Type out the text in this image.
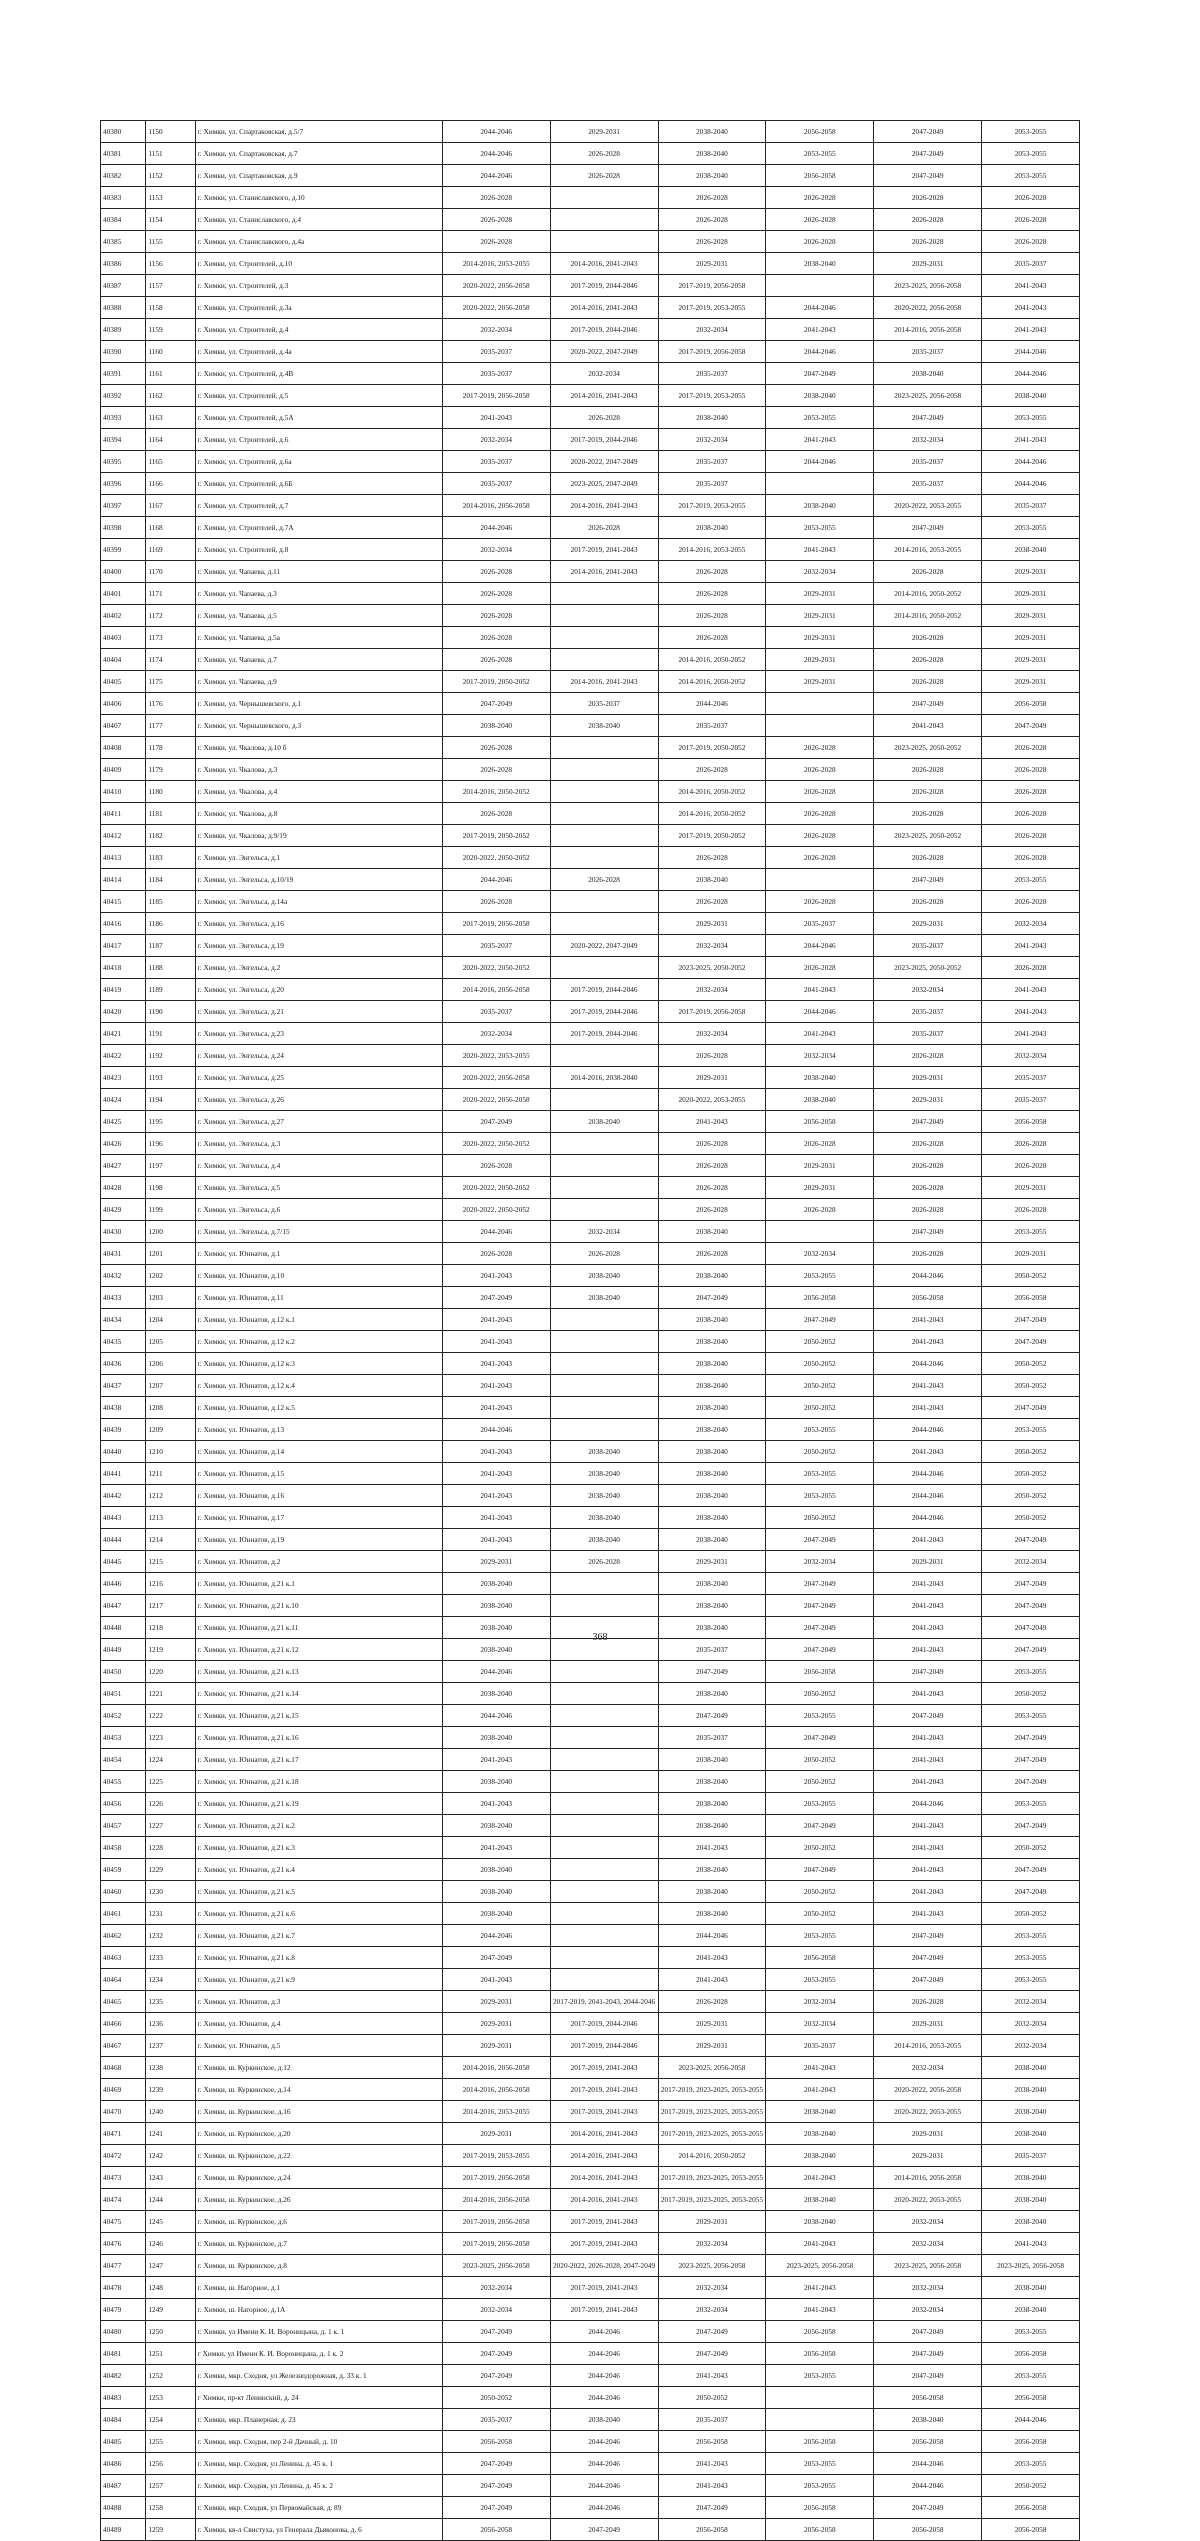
40380	1150	г. Химки, ул. Спартаковская, д.5/7	2044-2046	2029-2031	2038-2040	2056-2058	2047-2049	2053-2055
40381	1151	г. Химки, ул. Спартаковская, д.7	2044-2046	2026-2028	2038-2040	2053-2055	2047-2049	2053-2055
40382	1152	г. Химки, ул. Спартаковская, д.9	2044-2046	2026-2028	2038-2040	2056-2058	2047-2049	2053-2055
40383	1153	г. Химки, ул. Станиславского, д.10	2026-2028		2026-2028	2026-2028	2026-2028	2026-2028
40384	1154	г. Химки, ул. Станиславского, д.4	2026-2028		2026-2028	2026-2028	2026-2028	2026-2028
40385	1155	г. Химки, ул. Станиславского, д.4а	2026-2028		2026-2028	2026-2028	2026-2028	2026-2028
40386	1156	г. Химки, ул. Строителей, д.10	2014-2016, 2053-2055	2014-2016, 2041-2043	2029-2031	2038-2040	2029-2031	2035-2037
40387	1157	г. Химки, ул. Строителей, д.3	2020-2022, 2056-2058	2017-2019, 2044-2046	2017-2019, 2056-2058		2023-2025, 2056-2058	2041-2043
40388	1158	г. Химки, ул. Строителей, д.3а	2020-2022, 2056-2058	2014-2016, 2041-2043	2017-2019, 2053-2055	2044-2046	2020-2022, 2056-2058	2041-2043
40389	1159	г. Химки, ул. Строителей, д.4	2032-2034	2017-2019, 2044-2046	2032-2034	2041-2043	2014-2016, 2056-2058	2041-2043
40390	1160	г. Химки, ул. Строителей, д.4а	2035-2037	2020-2022, 2047-2049	2017-2019, 2056-2058	2044-2046	2035-2037	2044-2046
40391	1161	г. Химки, ул. Строителей, д.4В	2035-2037	2032-2034	2035-2037	2047-2049	2038-2040	2044-2046
40392	1162	г. Химки, ул. Строителей, д.5	2017-2019, 2056-2058	2014-2016, 2041-2043	2017-2019, 2053-2055	2038-2040	2023-2025, 2056-2058	2038-2040
40393	1163	г. Химки, ул. Строителей, д.5А	2041-2043	2026-2028	2038-2040	2053-2055	2047-2049	2053-2055
40394	1164	г. Химки, ул. Строителей, д.6	2032-2034	2017-2019, 2044-2046	2032-2034	2041-2043	2032-2034	2041-2043
40395	1165	г. Химки, ул. Строителей, д.6а	2035-2037	2020-2022, 2047-2049	2035-2037	2044-2046	2035-2037	2044-2046
40396	1166	г. Химки, ул. Строителей, д.6Б	2035-2037	2023-2025, 2047-2049	2035-2037		2035-2037	2044-2046
40397	1167	г. Химки, ул. Строителей, д.7	2014-2016, 2056-2058	2014-2016, 2041-2043	2017-2019, 2053-2055	2038-2040	2020-2022, 2053-2055	2035-2037
40398	1168	г. Химки, ул. Строителей, д.7А	2044-2046	2026-2028	2038-2040	2053-2055	2047-2049	2053-2055
40399	1169	г. Химки, ул. Строителей, д.8	2032-2034	2017-2019, 2041-2043	2014-2016, 2053-2055	2041-2043	2014-2016, 2053-2055	2038-2040
40400	1170	г. Химки, ул. Чапаева, д.11	2026-2028	2014-2016, 2041-2043	2026-2028	2032-2034	2026-2028	2029-2031
40401	1171	г. Химки, ул. Чапаева, д.3	2026-2028		2026-2028	2029-2031	2014-2016, 2050-2052	2029-2031
40402	1172	г. Химки, ул. Чапаева, д.5	2026-2028		2026-2028	2029-2031	2014-2016, 2050-2052	2029-2031
40403	1173	г. Химки, ул. Чапаева, д.5а	2026-2028		2026-2028	2029-2031	2026-2028	2029-2031
40404	1174	г. Химки, ул. Чапаева, д.7	2026-2028		2014-2016, 2050-2052	2029-2031	2026-2028	2029-2031
40405	1175	г. Химки, ул. Чапаева, д.9	2017-2019, 2050-2052	2014-2016, 2041-2043	2014-2016, 2050-2052	2029-2031	2026-2028	2029-2031
40406	1176	г. Химки, ул. Чернышевского, д.1	2047-2049	2035-2037	2044-2046		2047-2049	2056-2058
40407	1177	г. Химки, ул. Чернышевского, д.3	2038-2040	2038-2040	2035-2037		2041-2043	2047-2049
40408	1178	г. Химки, ул. Чкалова, д.10 б	2026-2028		2017-2019, 2050-2052	2026-2028	2023-2025, 2050-2052	2026-2028
40409	1179	г. Химки, ул. Чкалова, д.3	2026-2028		2026-2028	2026-2028	2026-2028	2026-2028
40410	1180	г. Химки, ул. Чкалова, д.4	2014-2016, 2050-2052		2014-2016, 2050-2052	2026-2028	2026-2028	2026-2028
40411	1181	г. Химки, ул. Чкалова, д.8	2026-2028		2014-2016, 2050-2052	2026-2028	2026-2028	2026-2028
40412	1182	г. Химки, ул. Чкалова, д.9/19	2017-2019, 2050-2052		2017-2019, 2050-2052	2026-2028	2023-2025, 2050-2052	2026-2028
40413	1183	г. Химки, ул. Энгельса, д.1	2020-2022, 2050-2052		2026-2028	2026-2028	2026-2028	2026-2028
40414	1184	г. Химки, ул. Энгельса, д.10/19	2044-2046	2026-2028	2038-2040		2047-2049	2053-2055
40415	1185	г. Химки, ул. Энгельса, д.14а	2026-2028		2026-2028	2026-2028	2026-2028	2026-2028
40416	1186	г. Химки, ул. Энгельса, д.16	2017-2019, 2056-2058		2029-2031	2035-2037	2029-2031	2032-2034
40417	1187	г. Химки, ул. Энгельса, д.19	2035-2037	2020-2022, 2047-2049	2032-2034	2044-2046	2035-2037	2041-2043
40418	1188	г. Химки, ул. Энгельса, д.2	2020-2022, 2050-2052		2023-2025, 2050-2052	2026-2028	2023-2025, 2050-2052	2026-2028
40419	1189	г. Химки, ул. Энгельса, д.20	2014-2016, 2056-2058	2017-2019, 2044-2046	2032-2034	2041-2043	2032-2034	2041-2043
40420	1190	г. Химки, ул. Энгельса, д.21	2035-2037	2017-2019, 2044-2046	2017-2019, 2056-2058	2044-2046	2035-2037	2041-2043
40421	1191	г. Химки, ул. Энгельса, д.23	2032-2034	2017-2019, 2044-2046	2032-2034	2041-2043	2035-2037	2041-2043
40422	1192	г. Химки, ул. Энгельса, д.24	2020-2022, 2053-2055		2026-2028	2032-2034	2026-2028	2032-2034
40423	1193	г. Химки, ул. Энгельса, д.25	2020-2022, 2056-2058	2014-2016, 2038-2040	2029-2031	2038-2040	2029-2031	2035-2037
40424	1194	г. Химки, ул. Энгельса, д.26	2020-2022, 2056-2058		2020-2022, 2053-2055	2038-2040	2029-2031	2035-2037
40425	1195	г. Химки, ул. Энгельса, д.27	2047-2049	2038-2040	2041-2043	2056-2058	2047-2049	2056-2058
40426	1196	г. Химки, ул. Энгельса, д.3	2020-2022, 2050-2052		2026-2028	2026-2028	2026-2028	2026-2028
40427	1197	г. Химки, ул. Энгельса, д.4	2026-2028		2026-2028	2029-2031	2026-2028	2026-2028
40428	1198	г. Химки, ул. Энгельса, д.5	2020-2022, 2050-2052		2026-2028	2029-2031	2026-2028	2029-2031
40429	1199	г. Химки, ул. Энгельса, д.6	2020-2022, 2050-2052		2026-2028	2026-2028	2026-2028	2026-2028
40430	1200	г. Химки, ул. Энгельса, д.7/15	2044-2046	2032-2034	2038-2040		2047-2049	2053-2055
40431	1201	г. Химки, ул. Юннатов, д.1	2026-2028	2026-2028	2026-2028	2032-2034	2026-2028	2029-2031
40432	1202	г. Химки, ул. Юннатов, д.10	2041-2043	2038-2040	2038-2040	2053-2055	2044-2046	2050-2052
40433	1203	г. Химки, ул. Юннатов, д.11	2047-2049	2038-2040	2047-2049	2056-2058	2056-2058	2056-2058
40434	1204	г. Химки, ул. Юннатов, д.12 к.1	2041-2043		2038-2040	2047-2049	2041-2043	2047-2049
40435	1205	г. Химки, ул. Юннатов, д.12 к.2	2041-2043		2038-2040	2050-2052	2041-2043	2047-2049
40436	1206	г. Химки, ул. Юннатов, д.12 к.3	2041-2043		2038-2040	2050-2052	2044-2046	2050-2052
40437	1207	г. Химки, ул. Юннатов, д.12 к.4	2041-2043		2038-2040	2050-2052	2041-2043	2050-2052
40438	1208	г. Химки, ул. Юннатов, д.12 к.5	2041-2043		2038-2040	2050-2052	2041-2043	2047-2049
40439	1209	г. Химки, ул. Юннатов, д.13	2044-2046		2038-2040	2053-2055	2044-2046	2053-2055
40440	1210	г. Химки, ул. Юннатов, д.14	2041-2043	2038-2040	2038-2040	2050-2052	2041-2043	2050-2052
40441	1211	г. Химки, ул. Юннатов, д.15	2041-2043	2038-2040	2038-2040	2053-2055	2044-2046	2050-2052
40442	1212	г. Химки, ул. Юннатов, д.16	2041-2043	2038-2040	2038-2040	2053-2055	2044-2046	2050-2052
40443	1213	г. Химки, ул. Юннатов, д.17	2041-2043	2038-2040	2038-2040	2050-2052	2044-2046	2050-2052
40444	1214	г. Химки, ул. Юннатов, д.19	2041-2043	2038-2040	2038-2040	2047-2049	2041-2043	2047-2049
40445	1215	г. Химки, ул. Юннатов, д.2	2029-2031	2026-2028	2029-2031	2032-2034	2029-2031	2032-2034
40446	1216	г. Химки, ул. Юннатов, д.21 к.1	2038-2040		2038-2040	2047-2049	2041-2043	2047-2049
40447	1217	г. Химки, ул. Юннатов, д.21 к.10	2038-2040		2038-2040	2047-2049	2041-2043	2047-2049
40448	1218	г. Химки, ул. Юннатов, д.21 к.11	2038-2040		2038-2040	2047-2049	2041-2043	2047-2049
40449	1219	г. Химки, ул. Юннатов, д.21 к.12	2038-2040		2035-2037	2047-2049	2041-2043	2047-2049
40450	1220	г. Химки, ул. Юннатов, д.21 к.13	2044-2046		2047-2049	2056-2058	2047-2049	2053-2055
40451	1221	г. Химки, ул. Юннатов, д.21 к.14	2038-2040		2038-2040	2050-2052	2041-2043	2050-2052
40452	1222	г. Химки, ул. Юннатов, д.21 к.15	2044-2046		2047-2049	2053-2055	2047-2049	2053-2055
40453	1223	г. Химки, ул. Юннатов, д.21 к.16	2038-2040		2035-2037	2047-2049	2041-2043	2047-2049
40454	1224	г. Химки, ул. Юннатов, д.21 к.17	2041-2043		2038-2040	2050-2052	2041-2043	2047-2049
40455	1225	г. Химки, ул. Юннатов, д.21 к.18	2038-2040		2038-2040	2050-2052	2041-2043	2047-2049
40456	1226	г. Химки, ул. Юннатов, д.21 к.19	2041-2043		2038-2040	2053-2055	2044-2046	2053-2055
40457	1227	г. Химки, ул. Юннатов, д.21 к.2	2038-2040		2038-2040	2047-2049	2041-2043	2047-2049
40458	1228	г. Химки, ул. Юннатов, д.21 к.3	2041-2043		2041-2043	2050-2052	2041-2043	2050-2052
40459	1229	г. Химки, ул. Юннатов, д.21 к.4	2038-2040		2038-2040	2047-2049	2041-2043	2047-2049
40460	1230	г. Химки, ул. Юннатов, д.21 к.5	2038-2040		2038-2040	2050-2052	2041-2043	2047-2049
40461	1231	г. Химки, ул. Юннатов, д.21 к.6	2038-2040		2038-2040	2050-2052	2041-2043	2050-2052
40462	1232	г. Химки, ул. Юннатов, д.21 к.7	2044-2046		2044-2046	2053-2055	2047-2049	2053-2055
40463	1233	г. Химки, ул. Юннатов, д.21 к.8	2047-2049		2041-2043	2056-2058	2047-2049	2053-2055
40464	1234	г. Химки, ул. Юннатов, д.21 к.9	2041-2043		2041-2043	2053-2055	2047-2049	2053-2055
40465	1235	г. Химки, ул. Юннатов, д.3	2029-2031	2017-2019, 2041-2043, 2044-2046	2026-2028	2032-2034	2026-2028	2032-2034
40466	1236	г. Химки, ул. Юннатов, д.4	2029-2031	2017-2019, 2044-2046	2029-2031	2032-2034	2029-2031	2032-2034
40467	1237	г. Химки, ул. Юннатов, д.5	2029-2031	2017-2019, 2044-2046	2029-2031	2035-2037	2014-2016, 2053-2055	2032-2034
40468	1238	г. Химки, ш. Куркинское, д.12	2014-2016, 2056-2058	2017-2019, 2041-2043	2023-2025, 2056-2058	2041-2043	2032-2034	2038-2040
40469	1239	г. Химки, ш. Куркинское, д.14	2014-2016, 2056-2058	2017-2019, 2041-2043	2017-2019, 2023-2025, 2053-2055	2041-2043	2020-2022, 2056-2058	2038-2040
40470	1240	г. Химки, ш. Куркинское, д.16	2014-2016, 2053-2055	2017-2019, 2041-2043	2017-2019, 2023-2025, 2053-2055	2038-2040	2020-2022, 2053-2055	2038-2040
40471	1241	г. Химки, ш. Куркинское, д.20	2029-2031	2014-2016, 2041-2043	2017-2019, 2023-2025, 2053-2055	2038-2040	2029-2031	2038-2040
40472	1242	г. Химки, ш. Куркинское, д.22	2017-2019, 2053-2055	2014-2016, 2041-2043	2014-2016, 2050-2052	2038-2040	2029-2031	2035-2037
40473	1243	г. Химки, ш. Куркинское, д.24	2017-2019, 2056-2058	2014-2016, 2041-2043	2017-2019, 2023-2025, 2053-2055	2041-2043	2014-2016, 2056-2058	2038-2040
40474	1244	г. Химки, ш. Куркинское, д.26	2014-2016, 2056-2058	2014-2016, 2041-2043	2017-2019, 2023-2025, 2053-2055	2038-2040	2020-2022, 2053-2055	2038-2040
40475	1245	г. Химки, ш. Куркинское, д.6	2017-2019, 2056-2058	2017-2019, 2041-2043	2029-2031	2038-2040	2032-2034	2038-2040
40476	1246	г. Химки, ш. Куркинское, д.7	2017-2019, 2056-2058	2017-2019, 2041-2043	2032-2034	2041-2043	2032-2034	2041-2043
40477	1247	г. Химки, ш. Куркинское, д.8	2023-2025, 2056-2058	2020-2022, 2026-2028, 2047-2049	2023-2025, 2056-2058	2023-2025, 2056-2058	2023-2025, 2056-2058	2023-2025, 2056-2058
40478	1248	г. Химки, ш. Нагорное, д.1	2032-2034	2017-2019, 2041-2043	2032-2034	2041-2043	2032-2034	2038-2040
40479	1249	г. Химки, ш. Нагорное, д.1А	2032-2034	2017-2019, 2041-2043	2032-2034	2041-2043	2032-2034	2038-2040
40480	1250	г. Химки, ул Имени К. И. Вороницына, д. 1 к. 1	2047-2049	2044-2046	2047-2049	2056-2058	2047-2049	2053-2055
40481	1251	г Химки, ул Имени К. И. Вороницына, д. 1 к. 2	2047-2049	2044-2046	2047-2049	2056-2058	2047-2049	2056-2058
40482	1252	г. Химки, мкр. Сходня, ул Железнодорожная, д. 33 к. 1	2047-2049	2044-2046	2041-2043	2053-2055	2047-2049	2053-2055
40483	1253	г Химки, пр-кт Ленинский, д. 24	2050-2052	2044-2046	2050-2052		2056-2058	2056-2058
40484	1254	г. Химки, мкр. Планерная, д. 23	2035-2037	2038-2040	2035-2037		2038-2040	2044-2046
40485	1255	г. Химки, мкр. Сходня, пер 2-й Дачный, д. 10	2056-2058	2044-2046	2056-2058	2056-2058	2056-2058	2056-2058
40486	1256	г. Химки, мкр. Сходня, ул Ленина, д. 45 к. 1	2047-2049	2044-2046	2041-2043	2053-2055	2044-2046	2053-2055
40487	1257	г. Химки, мкр. Сходня, ул Ленина, д. 45 к. 2	2047-2049	2044-2046	2041-2043	2053-2055	2044-2046	2050-2052
40488	1258	г. Химки, мкр. Сходня, ул Первомайская, д. 89	2047-2049	2044-2046	2047-2049	2056-2058	2047-2049	2056-2058
40489	1259	г. Химки, кв-л Свистуха, ул Генерала Дьяконова, д. 6	2056-2058	2047-2049	2056-2058	2056-2058	2056-2058	2056-2058
368
